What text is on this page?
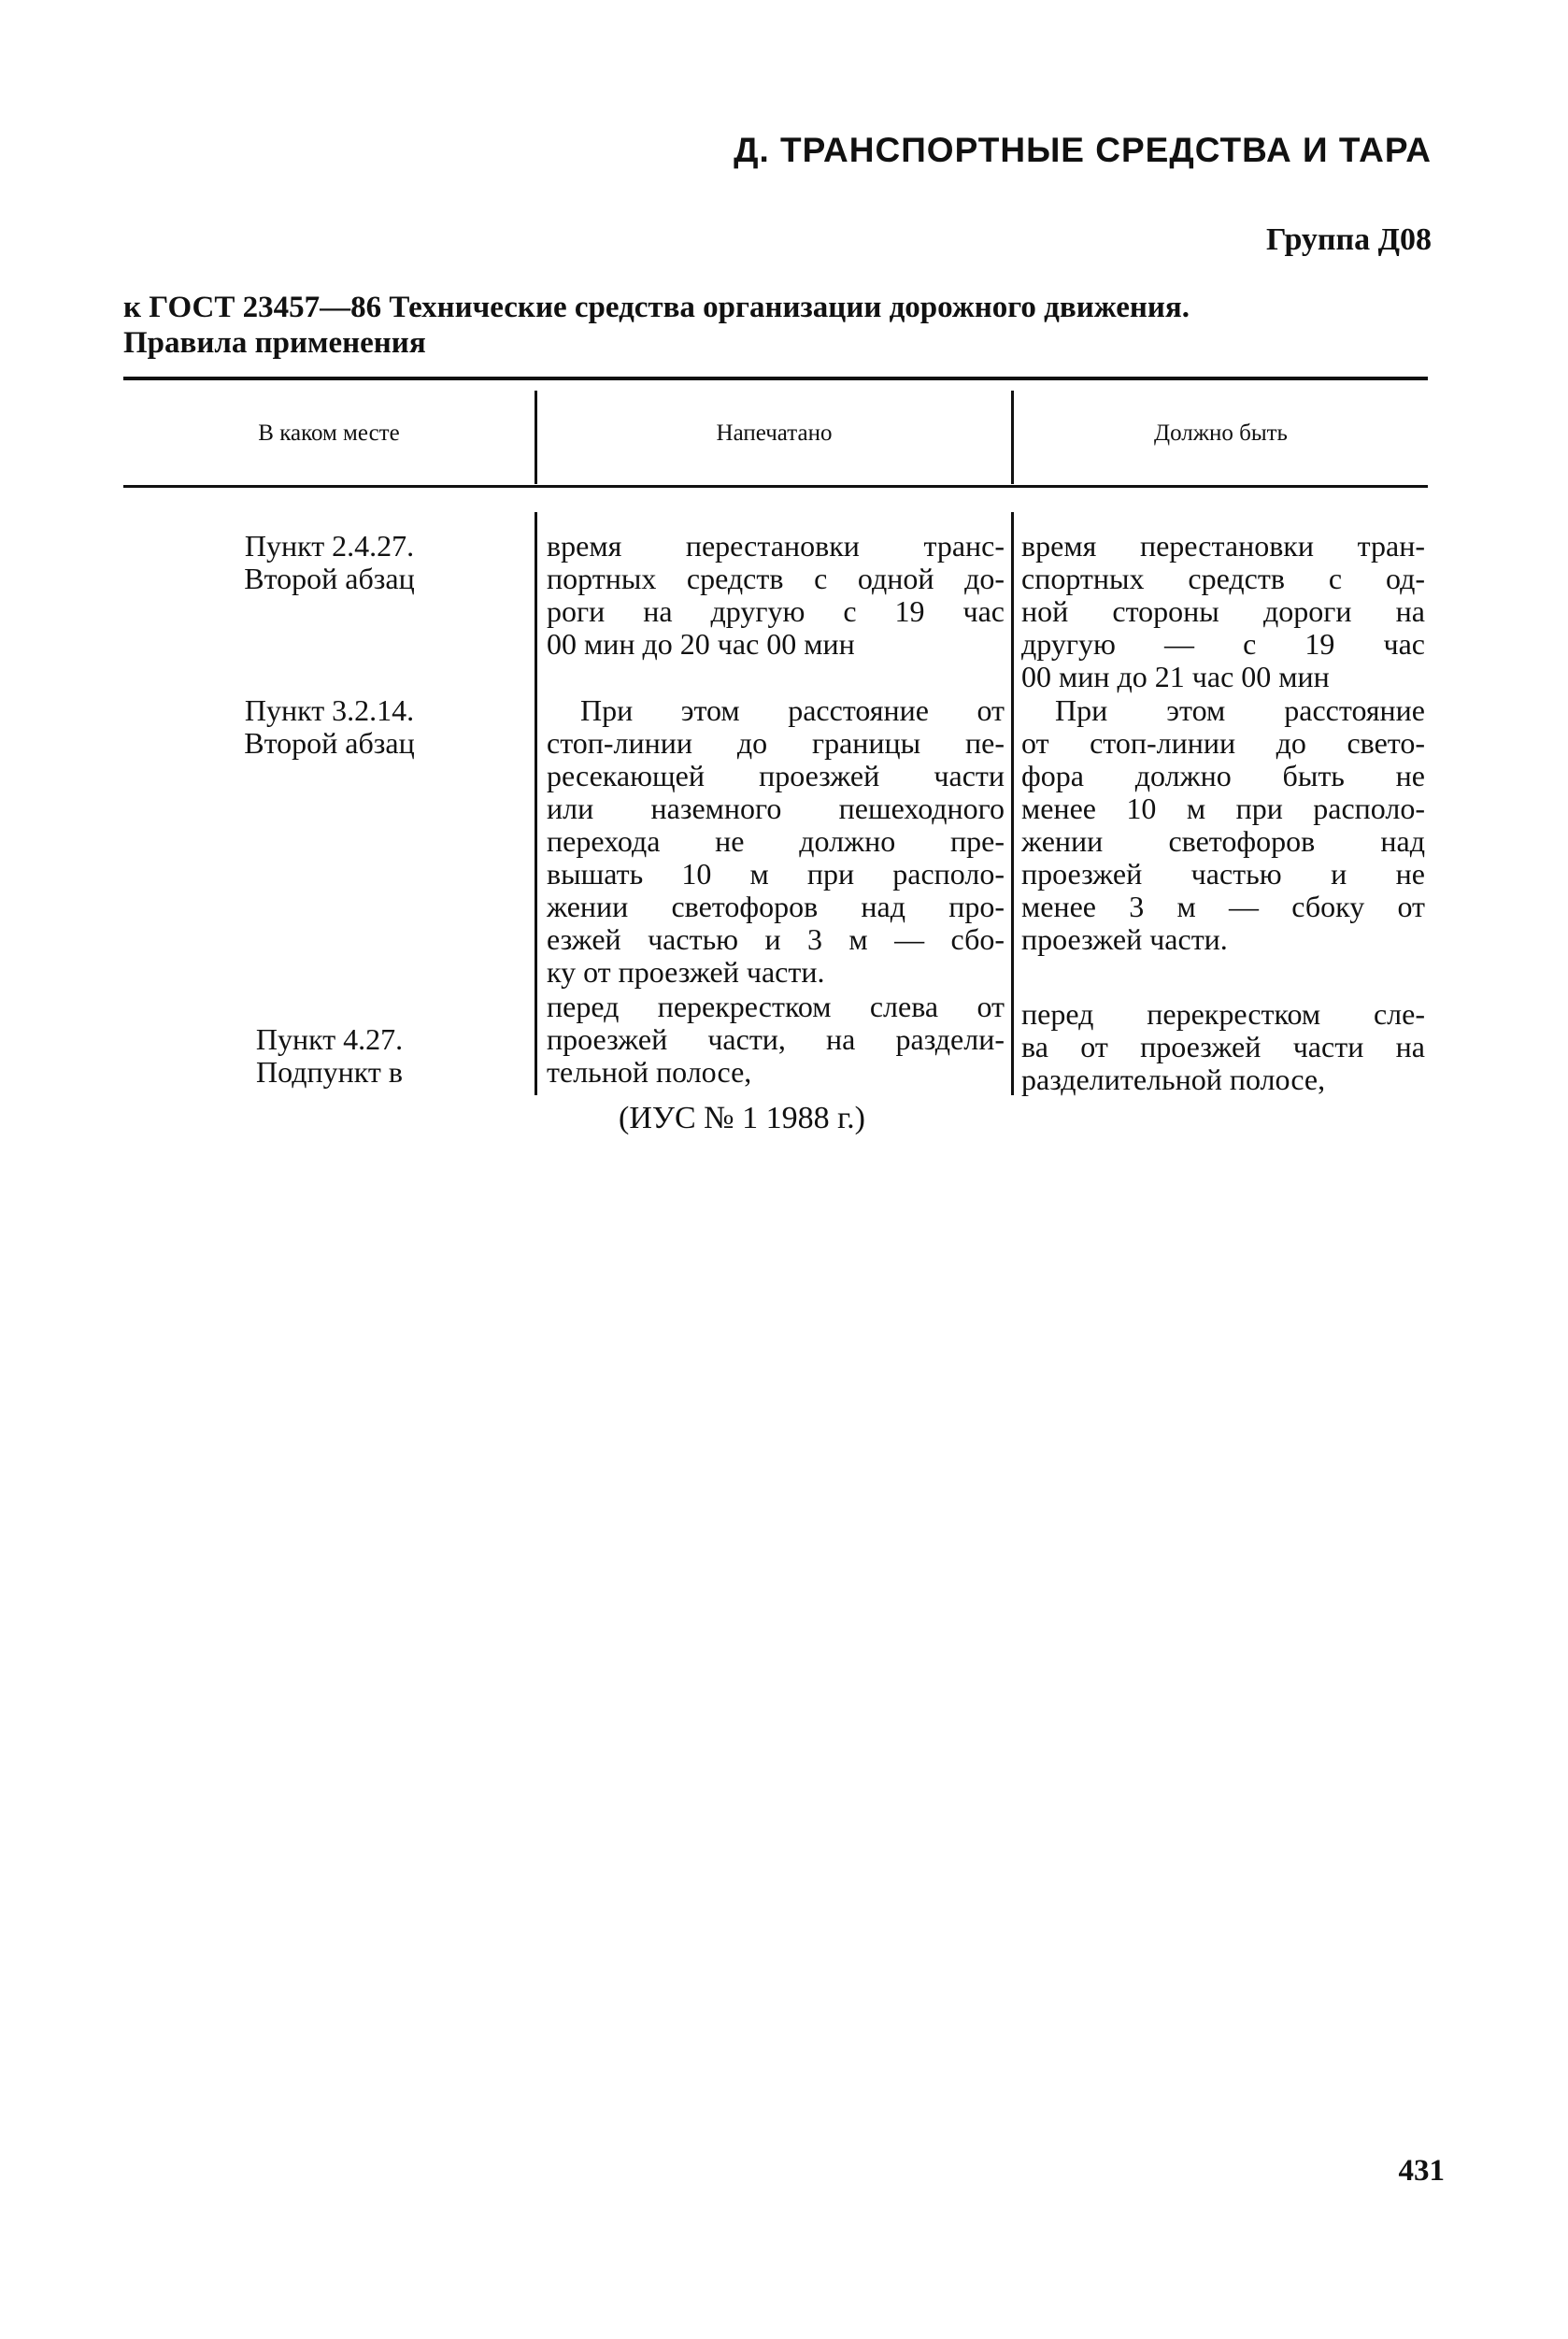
Д. ТРАНСПОРТНЫЕ СРЕДСТВА И ТАРА
Группа Д08
к ГОСТ 23457—86 Технические средства организации дорожного движения.
Правила применения
В каком месте	Напечатано	Должно быть
Пункт 2.4.27.
Второй абзац
время перестановки транс-
портных средств с одной до-
роги на другую с 19 час
00 мин до 20 час 00 мин
время перестановки тран-
спортных средств с од-
ной стороны дороги на
другую — с 19 час
00 мин до 21 час 00 мин
Пункт 3.2.14.
Второй абзац
При этом расстояние от
стоп-линии до границы пе-
ресекающей проезжей части
или наземного пешеходного
перехода не должно пре-
вышать 10 м при располо-
жении светофоров над про-
езжей частью и 3 м — сбо-
ку от проезжей части.
При этом расстояние
от стоп-линии до свето-
фора должно быть не
менее 10 м при располо-
жении светофоров над
проезжей частью и не
менее 3 м — сбоку от
проезжей части.

Пункт 4.27.
Подпункт в

перед перекрестком слева от
проезжей части, на раздели-
тельной полосе,
перед перекрестком сле-
ва от проезжей части на
разделительной полосе,
(ИУС № 1 1988 г.)
431
